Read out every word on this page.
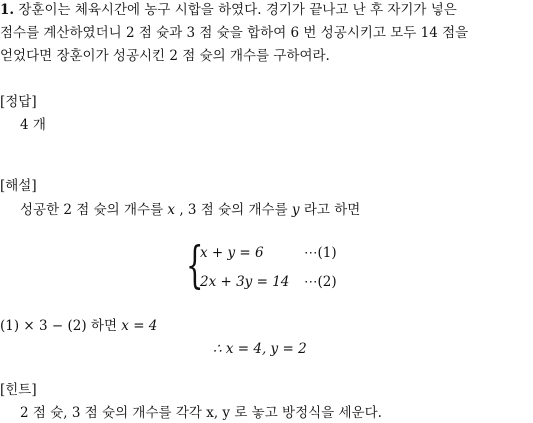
1. 장훈이는 체육시간에 농구 시합을 하였다. 경기가 끝나고 난 후 자기가 넣은
점수를 계산하였더니 2 점 슛과 3 점 슛을 합하여 6 번 성공시키고 모두 14 점을
얻었다면 장훈이가 성공시킨 2 점 슛의 개수를 구하여라.
[정답]
4 개
[해설]
성공한 2 점 슛의 개수를 x , 3 점 슛의 개수를 y 라고 하면
{
x + y = 6	⋯(1)
2x + 3y = 14 ⋯(2)
(1) × 3 − (2) 하면 x = 4
∴ x = 4, y = 2
[힌트]
2 점 슛, 3 점 슛의 개수를 각각 x, y 로 놓고 방정식을 세운다.
